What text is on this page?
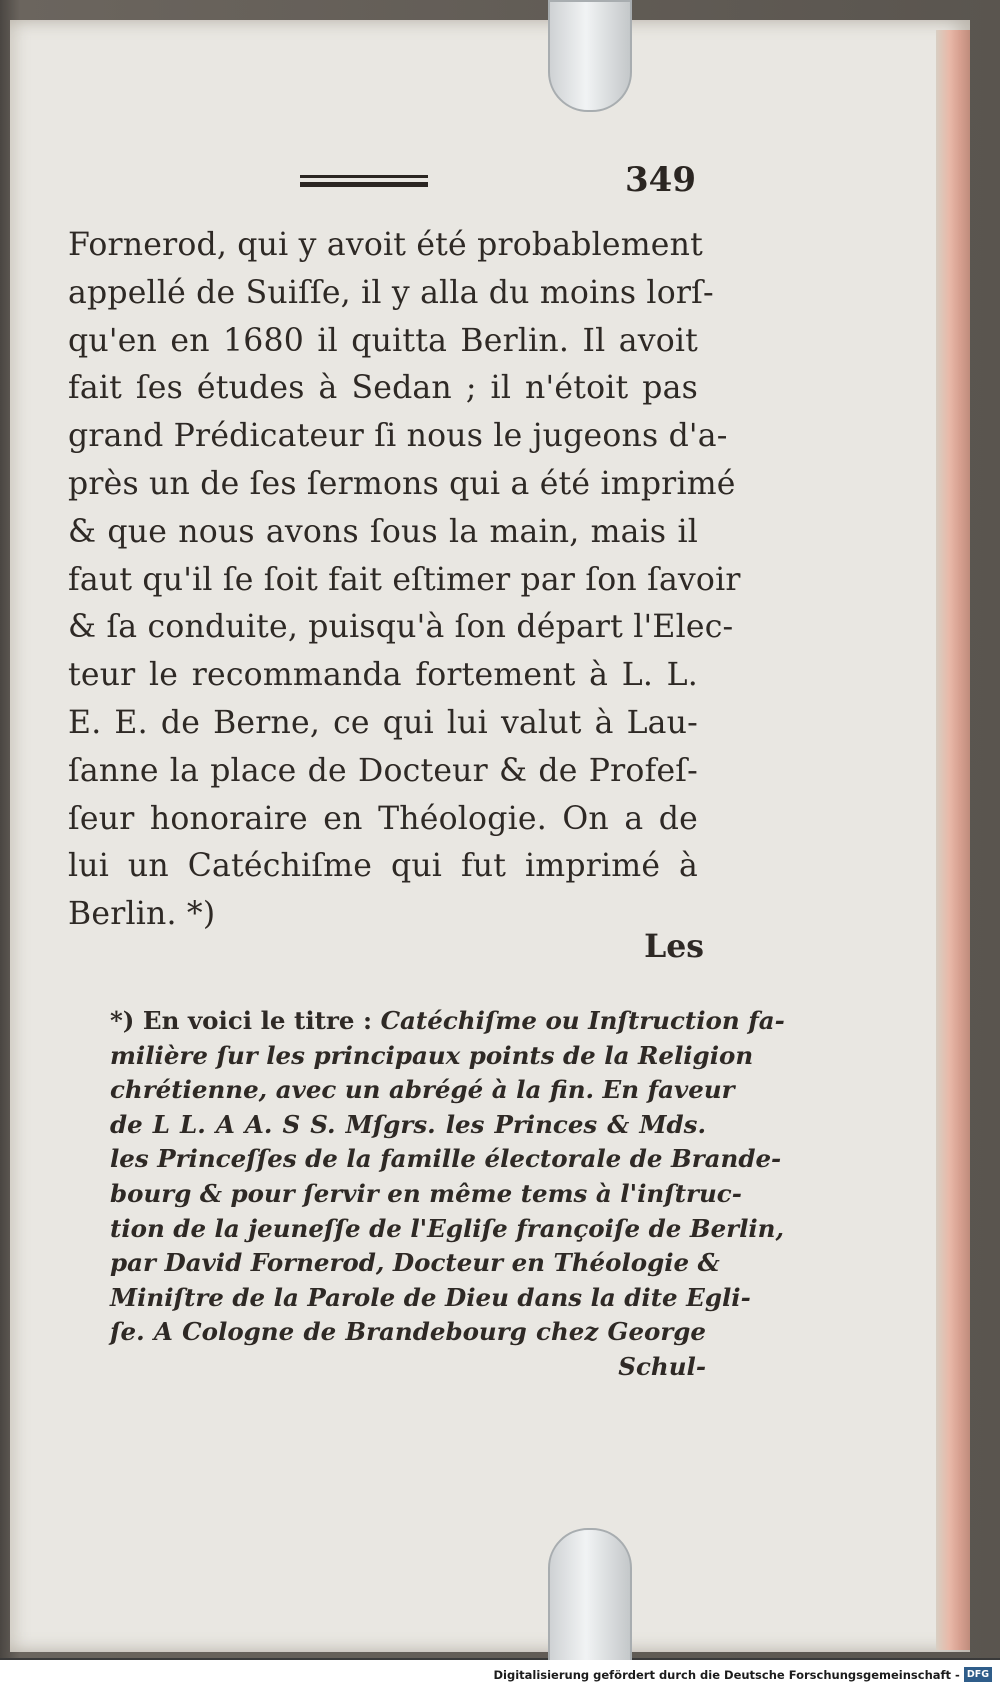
349
Fornerod, qui y avoit été probablement
appellé de Suiſſe, il y alla du moins lorſ-
qu'en en 1680 il quitta Berlin. Il avoit
fait ſes études à Sedan ; il n'étoit pas
grand Prédicateur ſi nous le jugeons d'a-
près un de ſes ſermons qui a été imprimé
& que nous avons ſous la main, mais il
faut qu'il ſe ſoit fait eſtimer par ſon ſavoir
& ſa conduite, puisqu'à ſon départ l'Elec-
teur le recommanda fortement à L. L.
E. E. de Berne, ce qui lui valut à Lau-
ſanne la place de Docteur & de Profeſ-
ſeur honoraire en Théologie. On a de
lui un Catéchiſme qui fut imprimé à
Berlin. *)
Les
*) En voici le titre : Catéchiſme ou Inſtruction fa-
milière ſur les principaux points de la Religion
chrétienne, avec un abrégé à la fin. En faveur
de L L. A A. S S. Mſgrs. les Princes & Mds.
les Princeſſes de la famille électorale de Brande-
bourg & pour ſervir en même tems à l'inſtruc-
tion de la jeuneſſe de l'Egliſe françoiſe de Berlin,
par David Fornerod, Docteur en Théologie &
Miniſtre de la Parole de Dieu dans la dite Egli-
ſe. A Cologne de Brandebourg chez George
Schul-
Digitalisierung gefördert durch die Deutsche Forschungsgemeinschaft - DFG
